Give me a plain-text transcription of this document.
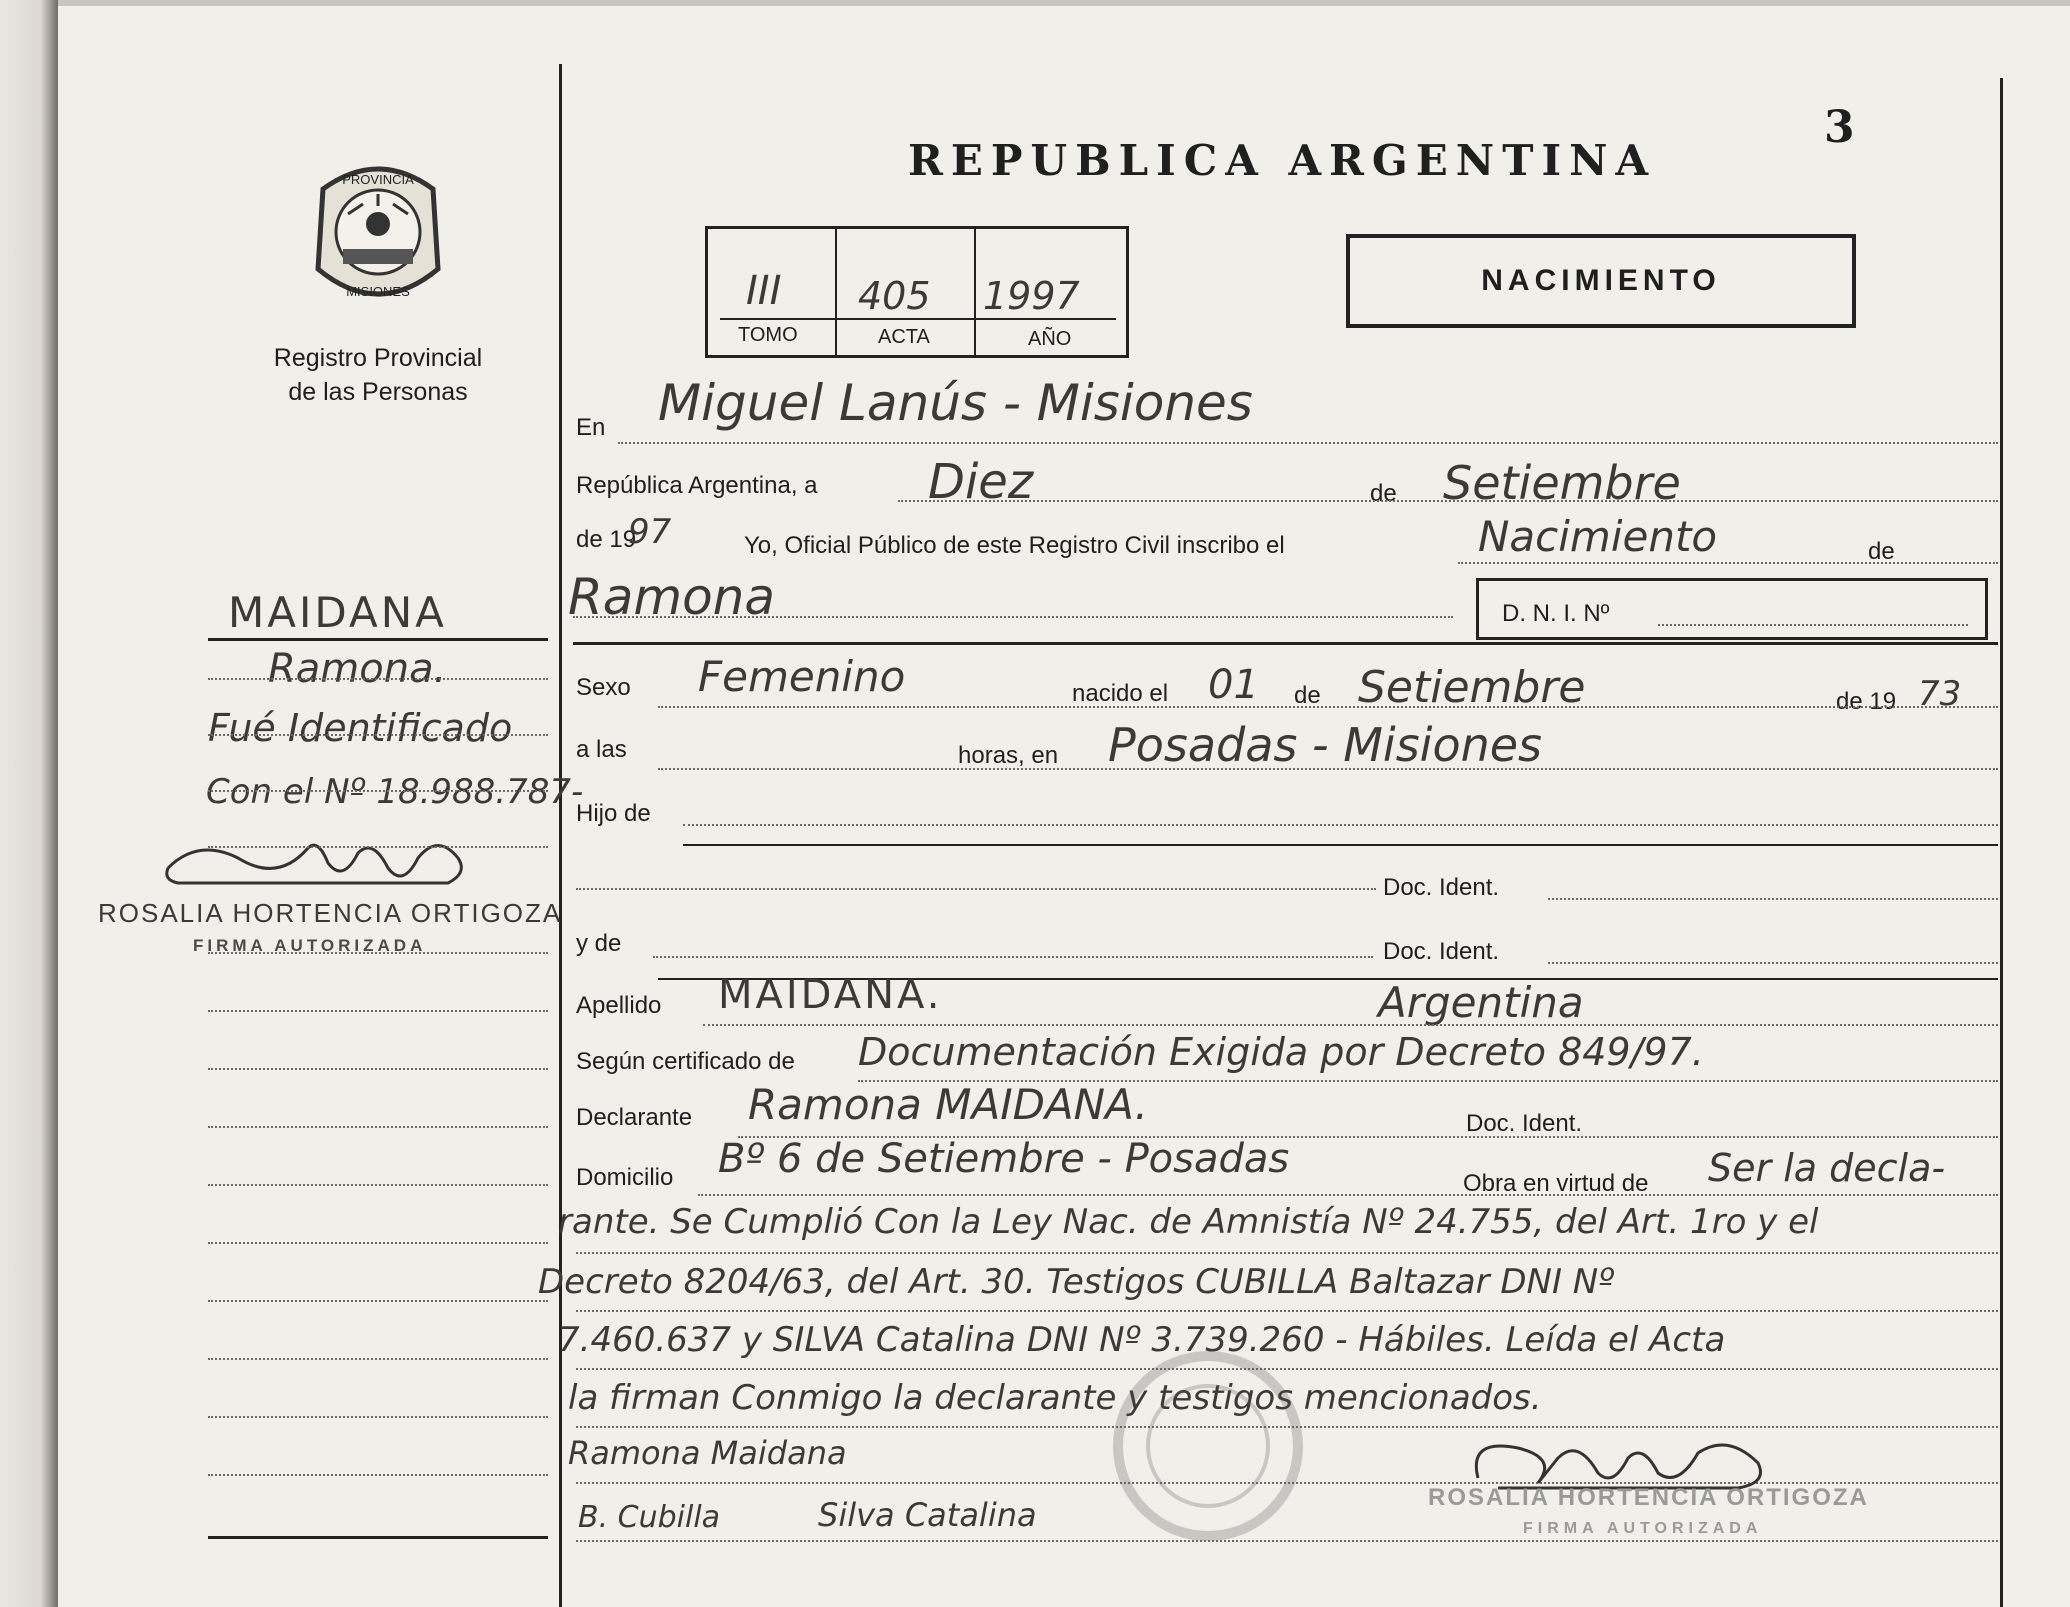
3
PROVINCIA
MISIONES
Registro Provincial
de las Personas
REPUBLICA ARGENTINA
III
TOMO
405
ACTA
1997
AÑO
NACIMIENTO
MAIDANA
Ramona.
Fué Identificado
Con el Nº 18.988.787-
ROSALIA HORTENCIA ORTIGOZA
FIRMA AUTORIZADA
En Miguel Lanús - Misiones
República Argentina, a Diez	de Setiembre
de 19
97	Yo, Oficial Público de este Registro Civil inscribo el	Nacimiento	de
Ramona	D. N. I. Nº
Sexo Femenino	nacido el 01 de Setiembre	de 19 73
a las	horas, en Posadas - Misiones
Hijo de
Doc. Ident.
y de	Doc. Ident.
Apellido MAIDANA.	Argentina
Según certificado de Documentación Exigida por Decreto 849/97.
Declarante Ramona MAIDANA.	Doc. Ident.
Domicilio Bº 6 de Setiembre - Posadas
Obra en virtud de Ser la decla-
rante. Se Cumplió Con la Ley Nac. de Amnistía Nº 24.755, del Art. 1ro y el
Decreto 8204/63, del Art. 30. Testigos CUBILLA Baltazar DNI Nº
7.460.637 y SILVA Catalina DNI Nº 3.739.260 - Hábiles. Leída el Acta
la firman Conmigo la declarante y testigos mencionados.
Ramona Maidana
B. Cubilla	Silva Catalina	ROSALIA HORTENCIA ORTIGOZA
FIRMA AUTORIZADA
